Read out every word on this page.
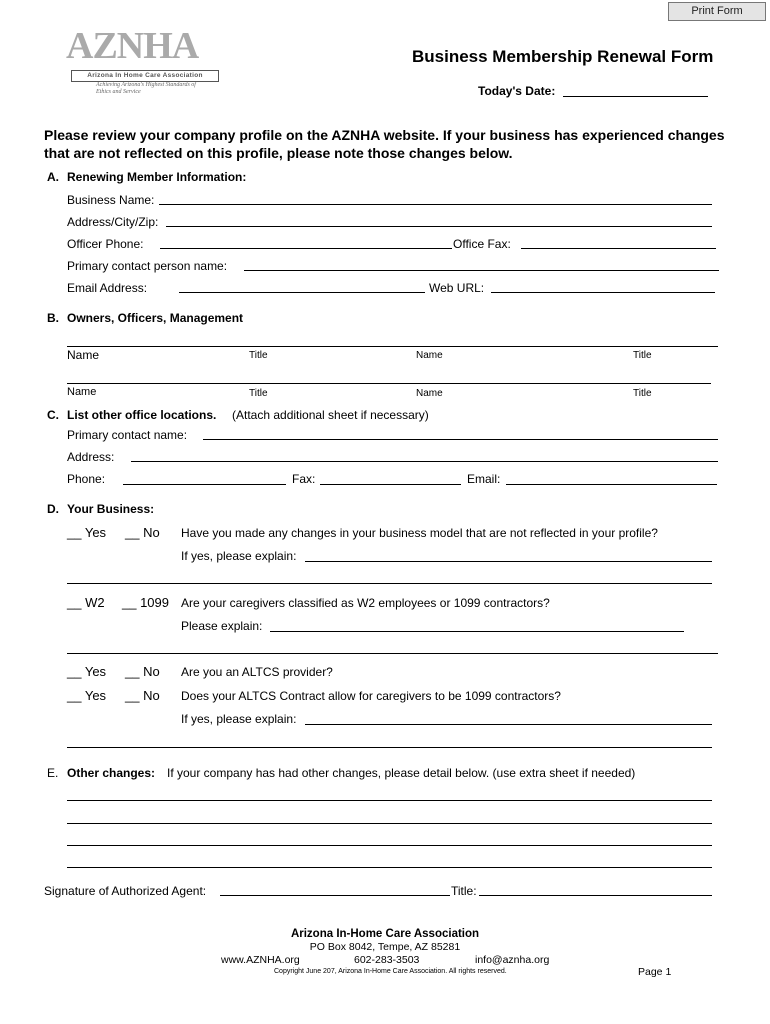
Print Form
AZNHA
Arizona In Home Care Association
Achieving Arizona's Highest Standards of Ethics and Service
Business Membership Renewal Form
Today's Date:
Please review your company profile on the AZNHA website. If your business has experienced changes
that are not reflected on this profile, please note those changes below.
A. Renewing Member Information:
Business Name:
Address/City/Zip:
Officer Phone:	Office Fax:
Primary contact person name:
Email Address:	Web URL:
B. Owners, Officers, Management
Name	Title	Name	Title
Name	Title	Name	Title
C. List other office locations. (Attach additional sheet if necessary)
Primary contact name:
Address:
Phone:	Fax:	Email:
D. Your Business:
__ Yes __ No Have you made any changes in your business model that are not reflected in your profile?
If yes, please explain:
__ W2 __ 1099 Are your caregivers classified as W2 employees or 1099 contractors?
Please explain:
__ Yes __ No Are you an ALTCS provider?
__ Yes __ No Does your ALTCS Contract allow for caregivers to be 1099 contractors?
If yes, please explain:
E. Other changes: If your company has had other changes, please detail below. (use extra sheet if needed)
Signature of Authorized Agent:	Title:
Arizona In-Home Care Association
PO Box 8042, Tempe, AZ 85281
www.AZNHA.org	602-283-3503	info@aznha.org
Copyright June 207, Arizona In-Home Care Association. All rights reserved.	Page 1
